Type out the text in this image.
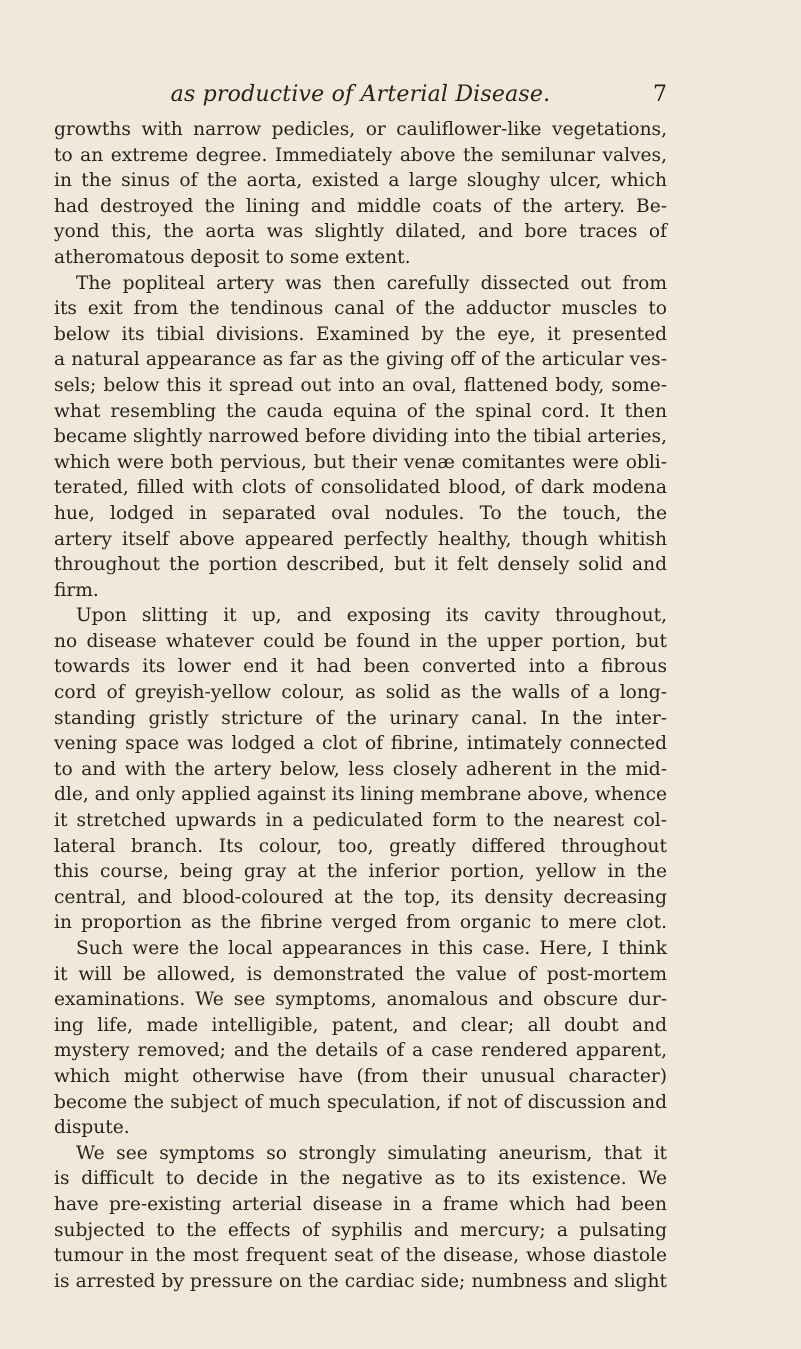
as productive of Arterial Disease.	7
growths with narrow pedicles, or cauliflower-like vegetations,
to an extreme degree. Immediately above the semilunar valves,
in the sinus of the aorta, existed a large sloughy ulcer, which
had destroyed the lining and middle coats of the artery. Be-
yond this, the aorta was slightly dilated, and bore traces of
atheromatous deposit to some extent.
The popliteal artery was then carefully dissected out from
its exit from the tendinous canal of the adductor muscles to
below its tibial divisions. Examined by the eye, it presented
a natural appearance as far as the giving off of the articular ves-
sels; below this it spread out into an oval, flattened body, some-
what resembling the cauda equina of the spinal cord. It then
became slightly narrowed before dividing into the tibial arteries,
which were both pervious, but their venæ comitantes were obli-
terated, filled with clots of consolidated blood, of dark modena
hue, lodged in separated oval nodules. To the touch, the
artery itself above appeared perfectly healthy, though whitish
throughout the portion described, but it felt densely solid and
firm.
Upon slitting it up, and exposing its cavity throughout,
no disease whatever could be found in the upper portion, but
towards its lower end it had been converted into a fibrous
cord of greyish-yellow colour, as solid as the walls of a long-
standing gristly stricture of the urinary canal. In the inter-
vening space was lodged a clot of fibrine, intimately connected
to and with the artery below, less closely adherent in the mid-
dle, and only applied against its lining membrane above, whence
it stretched upwards in a pediculated form to the nearest col-
lateral branch. Its colour, too, greatly differed throughout
this course, being gray at the inferior portion, yellow in the
central, and blood-coloured at the top, its density decreasing
in proportion as the fibrine verged from organic to mere clot.
Such were the local appearances in this case. Here, I think
it will be allowed, is demonstrated the value of post-mortem
examinations. We see symptoms, anomalous and obscure dur-
ing life, made intelligible, patent, and clear; all doubt and
mystery removed; and the details of a case rendered apparent,
which might otherwise have (from their unusual character)
become the subject of much speculation, if not of discussion and
dispute.
We see symptoms so strongly simulating aneurism, that it
is difficult to decide in the negative as to its existence. We
have pre-existing arterial disease in a frame which had been
subjected to the effects of syphilis and mercury; a pulsating
tumour in the most frequent seat of the disease, whose diastole
is arrested by pressure on the cardiac side; numbness and slight
